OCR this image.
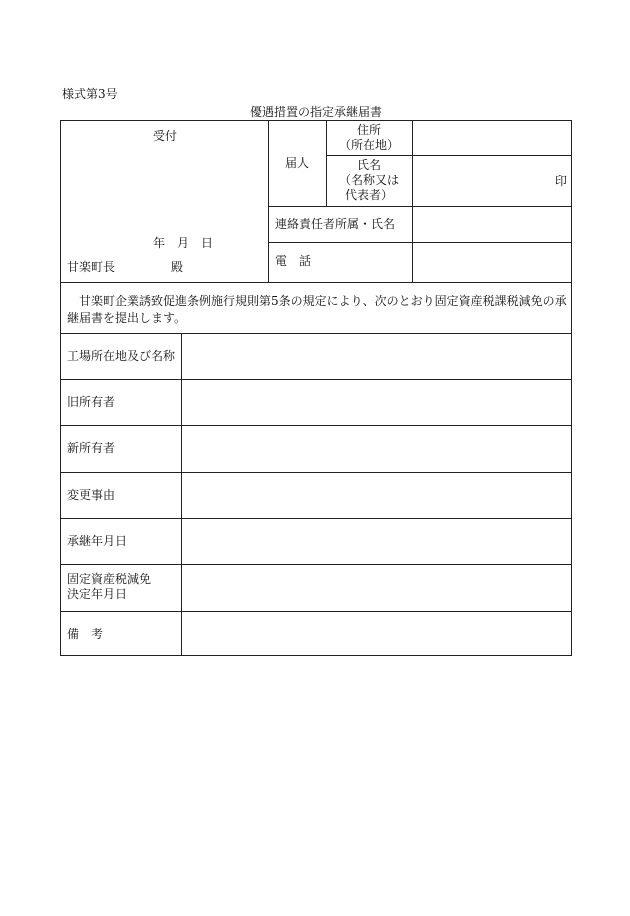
様式第3号
優遇措置の指定承継届書
受付
年　月　日
甘楽町長	殿
届人
住所
（所在地）
氏名
（名称又は
代表者）
印
連絡責任者所属・氏名
電　話
甘楽町企業誘致促進条例施行規則第5条の規定により、次のとおり固定資産税課税減免の承継届書を提出します。
工場所在地及び名称
旧所有者
新所有者
変更事由
承継年月日
固定資産税減免
決定年月日
備　考
